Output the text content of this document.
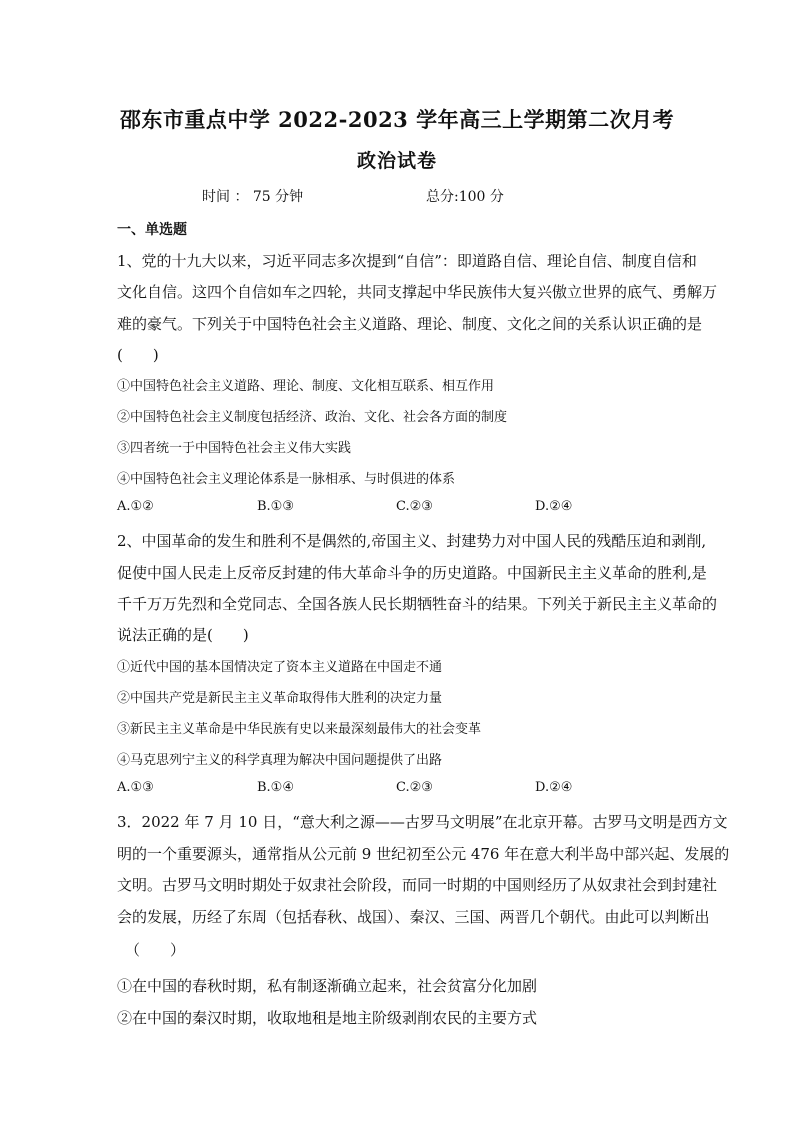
邵东市重点中学 2022-2023 学年高三上学期第二次月考
政治试卷
时间 ： 75 分钟	总分:100 分
一、单选题
1、党的十九大以来，习近平同志多次提到“自信”：即道路自信、理论自信、制度自信和
文化自信。这四个自信如车之四轮，共同支撑起中华民族伟大复兴傲立世界的底气、勇解万
难的豪气。下列关于中国特色社会主义道路、理论、制度、文化之间的关系认识正确的是
(　　)
①中国特色社会主义道路、理论、制度、文化相互联系、相互作用
②中国特色社会主义制度包括经济、政治、文化、社会各方面的制度
③四者统一于中国特色社会主义伟大实践
④中国特色社会主义理论体系是一脉相承、与时俱进的体系
A.①②	B.①③	C.②③	D.②④
2、中国革命的发生和胜利不是偶然的,帝国主义、封建势力对中国人民的残酷压迫和剥削,
促使中国人民走上反帝反封建的伟大革命斗争的历史道路。中国新民主主义革命的胜利,是
千千万万先烈和全党同志、全国各族人民长期牺牲奋斗的结果。下列关于新民主主义革命的
说法正确的是(　　)
①近代中国的基本国情决定了资本主义道路在中国走不通
②中国共产党是新民主主义革命取得伟大胜利的决定力量
③新民主主义革命是中华民族有史以来最深刻最伟大的社会变革
④马克思列宁主义的科学真理为解决中国问题提供了出路
A.①③	B.①④	C.②③	D.②④
3．2022 年 7 月 10 日，“意大利之源——古罗马文明展”在北京开幕。古罗马文明是西方文
明的一个重要源头，通常指从公元前 9 世纪初至公元 476 年在意大利半岛中部兴起、发展的
文明。古罗马文明时期处于奴隶社会阶段，而同一时期的中国则经历了从奴隶社会到封建社
会的发展，历经了东周（包括春秋、战国）、秦汉、三国、两晋几个朝代。由此可以判断出
（　　）
①在中国的春秋时期，私有制逐渐确立起来，社会贫富分化加剧
②在中国的秦汉时期，收取地租是地主阶级剥削农民的主要方式
